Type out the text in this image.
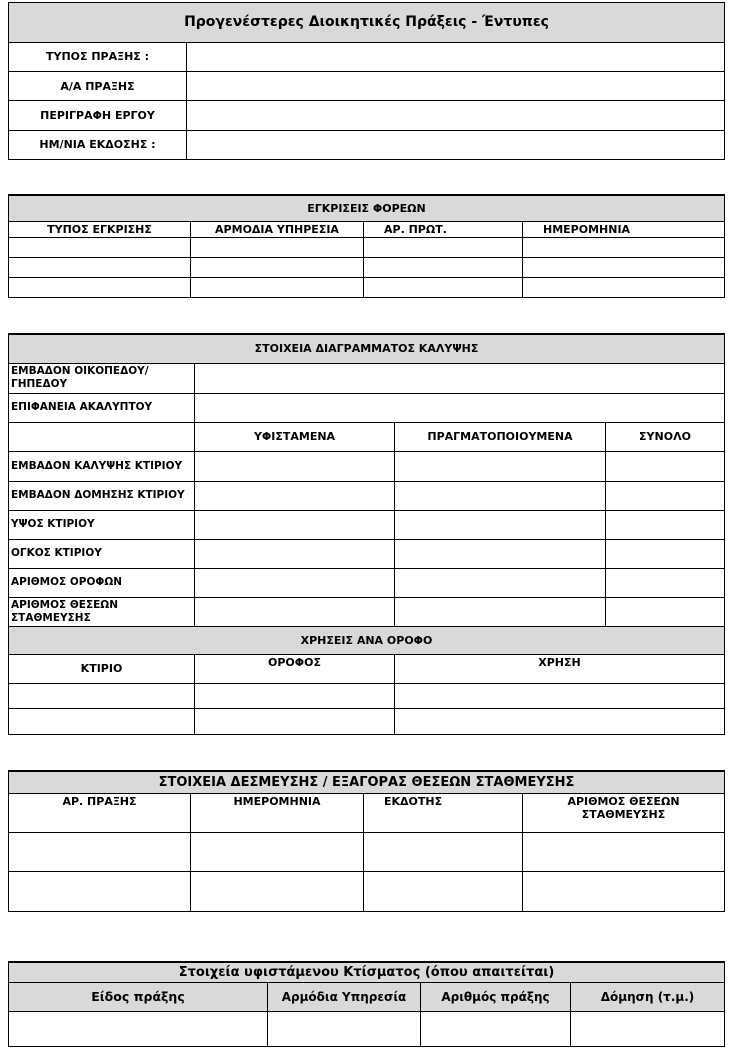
Προγενέστερες Διοικητικές Πράξεις - Έντυπες	
ΤΥΠΟΣ ΠΡΑΞΗΣ :	
Α/Α ΠΡΑΞΗΣ	
ΠΕΡΙΓΡΑΦΗ ΕΡΓΟΥ	
ΗΜ/ΝΙΑ ΕΚΔΟΣΗΣ :	
ΕΓΚΡΙΣΕΙΣ ΦΟΡΕΩΝ			
ΤΥΠΟΣ ΕΓΚΡΙΣΗΣ	ΑΡΜΟΔΙΑ ΥΠΗΡΕΣΙΑ	ΑΡ. ΠΡΩΤ.	ΗΜΕΡΟΜΗΝΙΑ

ΣΤΟΙΧΕΙΑ ΔΙΑΓΡΑΜΜΑΤΟΣ ΚΑΛΥΨΗΣ			
ΕΜΒΑΔΟΝ ΟΙΚΟΠΕΔΟΥ/ ΓΗΠΕΔΟΥ			
ΕΠΙΦΑΝΕΙΑ ΑΚΑΛΥΠΤΟΥ			
	ΥΦΙΣΤΑΜΕΝΑ	ΠΡΑΓΜΑΤΟΠΟΙΟΥΜΕΝΑ	ΣΥΝΟΛΟ
ΕΜΒΑΔΟΝ ΚΑΛΥΨΗΣ ΚΤΙΡΙΟΥ			
ΕΜΒΑΔΟΝ ΔΟΜΗΣΗΣ ΚΤΙΡΙΟΥ			
ΥΨΟΣ ΚΤΙΡΙΟΥ			
ΟΓΚΟΣ ΚΤΙΡΙΟΥ			
ΑΡΙΘΜΟΣ ΟΡΟΦΩΝ			
ΑΡΙΘΜΟΣ ΘΕΣΕΩΝ ΣΤΑΘΜΕΥΣΗΣ			
ΧΡΗΣΕΙΣ ΑΝΑ ΟΡΟΦΟ			
ΚΤΙΡΙΟ	ΟΡΟΦΟΣ	ΧΡΗΣΗ	

ΣΤΟΙΧΕΙΑ ΔΕΣΜΕΥΣΗΣ / ΕΞΑΓΟΡΑΣ ΘΕΣΕΩΝ ΣΤΑΘΜΕΥΣΗΣ			
ΑΡ. ΠΡΑΞΗΣ	ΗΜΕΡΟΜΗΝΙΑ	ΕΚΔΟΤΗΣ	ΑΡΙΘΜΟΣ ΘΕΣΕΩΝ ΣΤΑΘΜΕΥΣΗΣ

Στοιχεία υφιστάμενου Κτίσματος (όπου απαιτείται)			
Είδος πράξης	Αρμόδια Υπηρεσία	Αριθμός πράξης	Δόμηση (τ.μ.)
